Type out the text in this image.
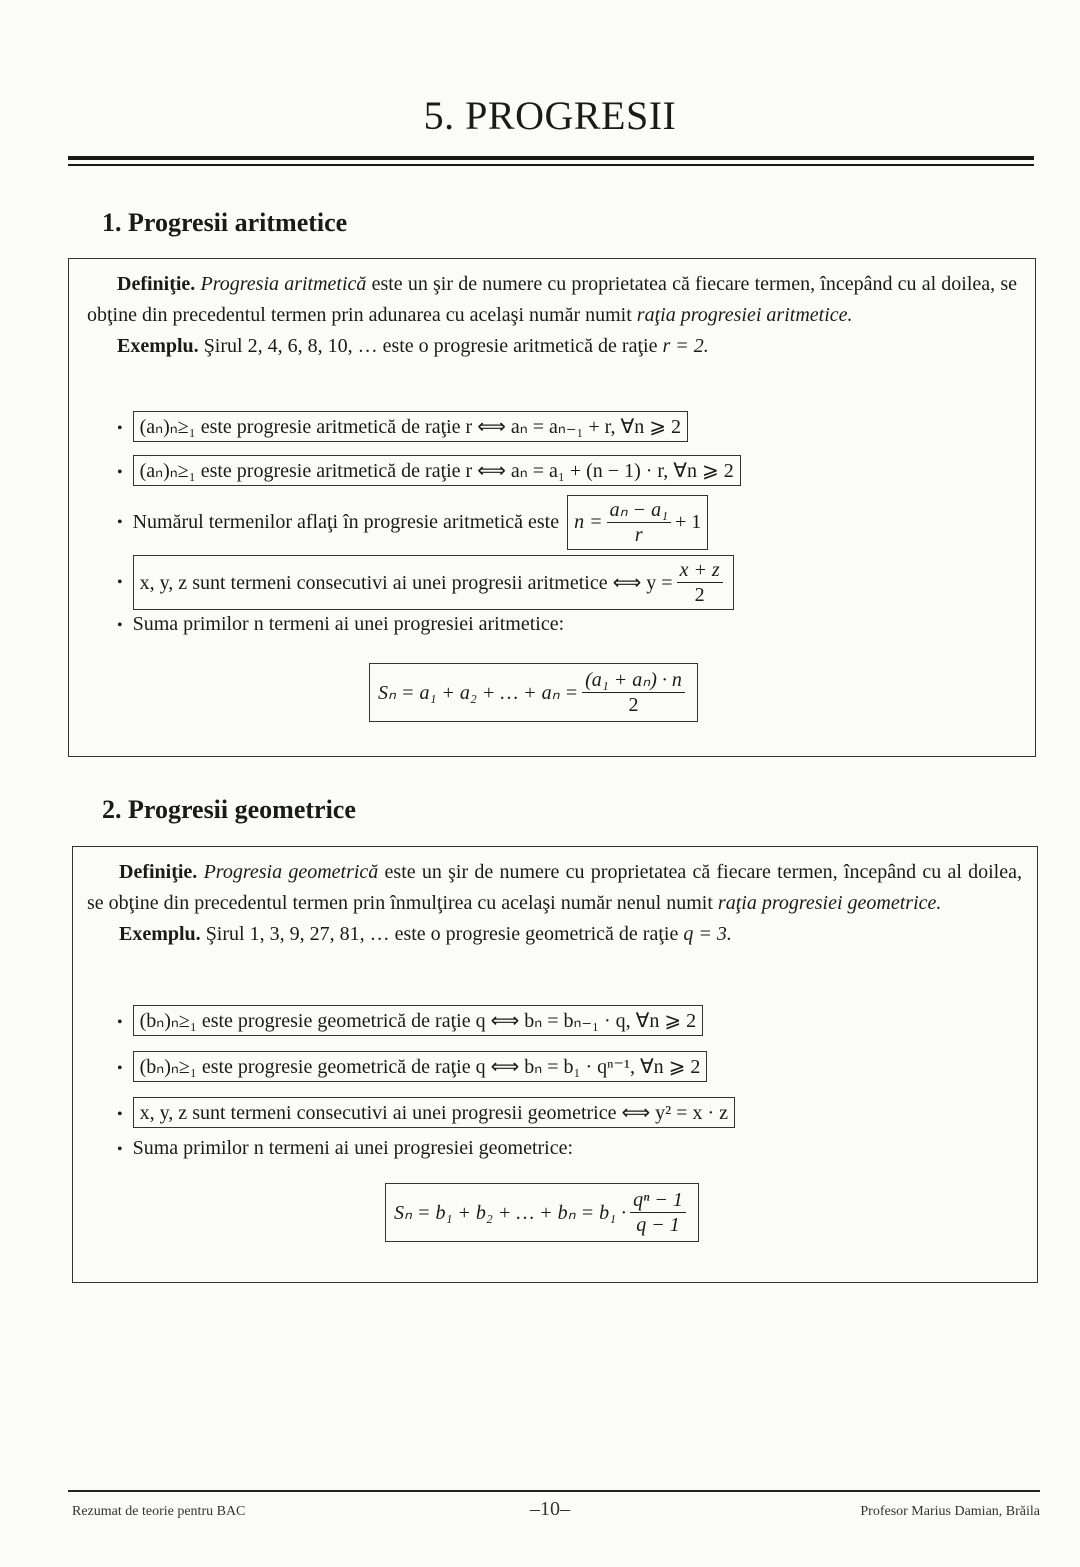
5. PROGRESII
1. Progresii aritmetice
Definiţie. Progresia aritmetică este un şir de numere cu proprietatea că fiecare termen, începând cu al doilea, se obţine din precedentul termen prin adunarea cu acelaşi număr numit raţia progresiei aritmetice.
Exemplu. Şirul 2, 4, 6, 8, 10, … este o progresie aritmetică de raţie r = 2.
• (aₙ)ₙ≥₁ este progresie aritmetică de raţie r ⟺ aₙ = aₙ₋₁ + r, ∀n ⩾ 2
• (aₙ)ₙ≥₁ este progresie aritmetică de raţie r ⟺ aₙ = a₁ + (n − 1) · r, ∀n ⩾ 2
• Numărul termenilor aflaţi în progresie aritmetică este $n = \frac{\text{aₙ − a₁}}{r} + 1$
• x, y, z sunt termeni consecutivi ai unei progresii aritmetice ⟺ $y = \frac{x + z}{2}$
• Suma primilor n termeni ai unei progresiei aritmetice:
Sₙ = a₁ + a₂ + … + $a_n = \frac{\text{(a₁ + aₙ) · n}}{2}$
2. Progresii geometrice
Definiţie. Progresia geometrică este un şir de numere cu proprietatea că fiecare termen, începând cu al doilea, se obţine din precedentul termen prin înmulţirea cu acelaşi număr nenul numit raţia progresiei geometrice.
Exemplu. Şirul 1, 3, 9, 27, 81, … este o progresie geometrică de raţie q = 3.
• (bₙ)ₙ≥₁ este progresie geometrică de raţie q ⟺ bₙ = bₙ₋₁ · q, ∀n ⩾ 2
• (bₙ)ₙ≥₁ este progresie geometrică de raţie q ⟺ bₙ = b₁ · qⁿ⁻¹, ∀n ⩾ 2
• x, y, z sunt termeni consecutivi ai unei progresii geometrice ⟺ y² = x · z
• Suma primilor n termeni ai unei progresiei geometrice:
Sₙ = b₁ + b₂ + … + $b_n = b_1 \cdot \frac{\text{qⁿ − 1}}{q - 1}$
Rezumat de teorie pentru BAC	–10–	Profesor Marius Damian, Brăila
